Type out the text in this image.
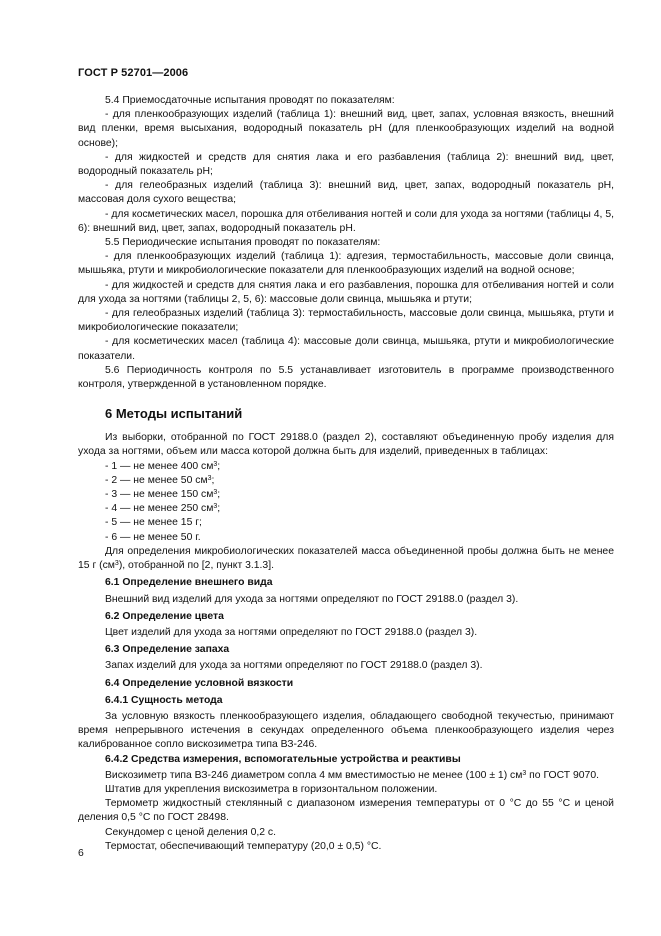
ГОСТ Р 52701—2006

5.4 Приемосдаточные испытания проводят по показателям:

- для пленкообразующих изделий (таблица 1): внешний вид, цвет, запах, условная вязкость, внешний вид пленки, время высыхания, водородный показатель pH (для пленкообразующих изделий на водной основе);

- для жидкостей и средств для снятия лака и его разбавления (таблица 2): внешний вид, цвет, водородный показатель pH;

- для гелеобразных изделий (таблица 3): внешний вид, цвет, запах, водородный показатель pH, массовая доля сухого вещества;

- для косметических масел, порошка для отбеливания ногтей и соли для ухода за ногтями (таблицы 4, 5, 6): внешний вид, цвет, запах, водородный показатель pH.

5.5 Периодические испытания проводят по показателям:

- для пленкообразующих изделий (таблица 1): адгезия, термостабильность, массовые доли свинца, мышьяка, ртути и микробиологические показатели для пленкообразующих изделий на водной основе;

- для жидкостей и средств для снятия лака и его разбавления, порошка для отбеливания ногтей и соли для ухода за ногтями (таблицы 2, 5, 6): массовые доли свинца, мышьяка и ртути;

- для гелеобразных изделий (таблица 3): термостабильность, массовые доли свинца, мышьяка, ртути и микробиологические показатели;

- для косметических масел (таблица 4): массовые доли свинца, мышьяка, ртути и микробиологические показатели.

5.6 Периодичность контроля по 5.5 устанавливает изготовитель в программе производственного контроля, утвержденной в установленном порядке.

6 Методы испытаний

Из выборки, отобранной по ГОСТ 29188.0 (раздел 2), составляют объединенную пробу изделия для ухода за ногтями, объем или масса которой должна быть для изделий, приведенных в таблицах:

- 1 — не менее 400 $см^3$;

- 2 — не менее 50 $см^3$;

- 3 — не менее 150 $см^3$;

- 4 — не менее 250 $см^3$;

- 5 — не менее 15 г;

- 6 — не менее 50 г.

Для определения микробиологических показателей масса объединенной пробы должна быть не менее 15 г $(см^3)$, отобранной по [2, пункт 3.1.3].

6.1 Определение внешнего вида

Внешний вид изделий для ухода за ногтями определяют по ГОСТ 29188.0 (раздел 3).

6.2 Определение цвета

Цвет изделий для ухода за ногтями определяют по ГОСТ 29188.0 (раздел 3).

6.3 Определение запаха

Запах изделий для ухода за ногтями определяют по ГОСТ 29188.0 (раздел 3).

6.4 Определение условной вязкости
6.4.1 Сущность метода

За условную вязкость пленкообразующего изделия, обладающего свободной текучестью, принимают время непрерывного истечения в секундах определенного объема пленкообразующего изделия через калиброванное сопло вискозиметра типа ВЗ-246.

6.4.2 Средства измерения, вспомогательные устройства и реактивы

Вискозиметр типа ВЗ-246 диаметром сопла 4 мм вместимостью не менее (100 ± 1) $см^3$ по ГОСТ 9070.

Штатив для укрепления вискозиметра в горизонтальном положении.

Термометр жидкостный стеклянный с диапазоном измерения температуры от 0 °С до 55 °С и ценой деления 0,5 °С по ГОСТ 28498.

Секундомер с ценой деления 0,2 с.

Термостат, обеспечивающий температуру (20,0 ± 0,5) °С.

6
